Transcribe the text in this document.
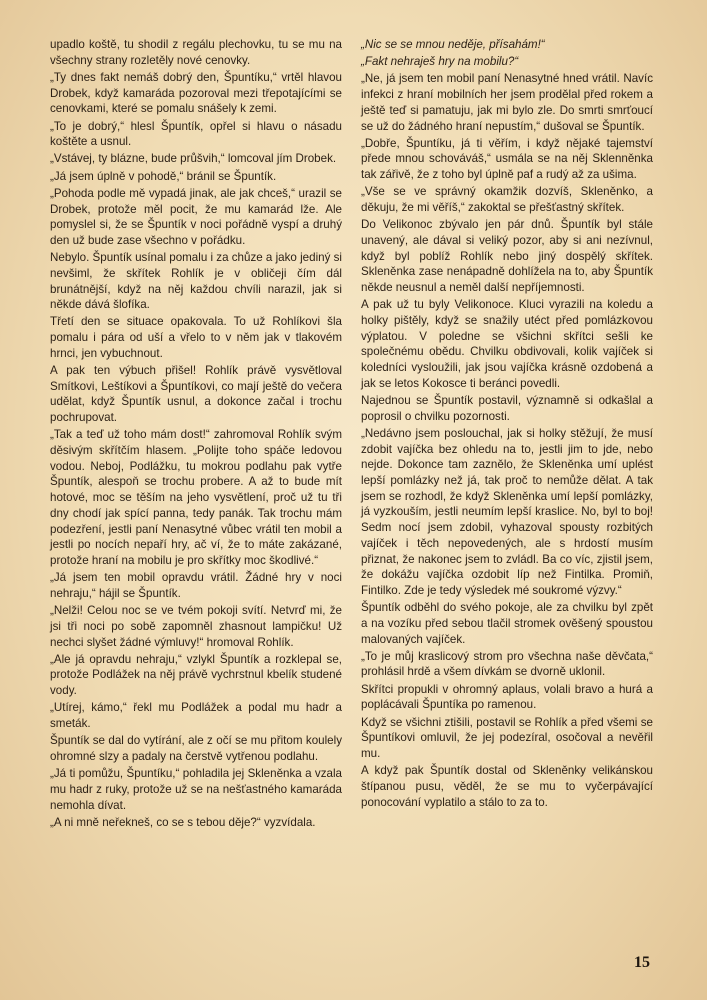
upadlo koště, tu shodil z regálu plechovku, tu se mu na všechny strany rozletěly nové cenovky.

„Ty dnes fakt nemáš dobrý den, Špuntíku,“ vrtěl hlavou Drobek, když kamaráda pozoroval mezi třepotajícími se cenovkami, které se pomalu snášely k zemi.

„To je dobrý,“ hlesl Špuntík, opřel si hlavu o násadu koštěte a usnul.

„Vstávej, ty blázne, bude průšvih,“ lomcoval jím Drobek.

„Já jsem úplně v pohodě,“ bránil se Špuntík.

„Pohoda podle mě vypadá jinak, ale jak chceš,“ urazil se Drobek, protože měl pocit, že mu kamarád lže. Ale pomyslel si, že se Špuntík v noci pořádně vyspí a druhý den už bude zase všechno v pořádku.

Nebylo. Špuntík usínal pomalu i za chůze a jako jediný si nevšiml, že skřítek Rohlík je v obličeji čím dál brunátnější, když na něj každou chvíli narazil, jak si někde dává šlofíka.

Třetí den se situace opakovala. To už Rohlíkovi šla pomalu i pára od uší a vřelo to v něm jak v tlakovém hrnci, jen vybuchnout.

A pak ten výbuch přišel! Rohlík právě vysvětloval Smítkovi, Leštíkovi a Špuntíkovi, co mají ještě do večera udělat, když Špuntík usnul, a dokonce začal i trochu pochrupovat.

„Tak a teď už toho mám dost!“ zahromoval Rohlík svým děsivým skřítčím hlasem. „Polijte toho spáče ledovou vodou. Neboj, Podlážku, tu mokrou podlahu pak vytře Špuntík, alespoň se trochu probere. A až to bude mít hotové, moc se těším na jeho vysvětlení, proč už tu tři dny chodí jak spící panna, tedy panák. Tak trochu mám podezření, jestli paní Nenasytné vůbec vrátil ten mobil a jestli po nocích nepaří hry, ač ví, že to máte zakázané, protože hraní na mobilu je pro skřítky moc škodlivé.“

„Já jsem ten mobil opravdu vrátil. Žádné hry v noci nehraju,“ hájil se Špuntík.

„Nelži! Celou noc se ve tvém pokoji svítí. Netvrď mi, že jsi tři noci po sobě zapomněl zhasnout lampičku! Už nechci slyšet žádné výmluvy!“ hromoval Rohlík.

„Ale já opravdu nehraju,“ vzlykl Špuntík a rozklepal se, protože Podlážek na něj právě vychrstnul kbelík studené vody.

„Utírej, kámo,“ řekl mu Podlážek a podal mu hadr a smeták.

Špuntík se dal do vytírání, ale z očí se mu přitom koulely ohromné slzy a padaly na čerstvě vytřenou podlahu.

„Já ti pomůžu, Špuntíku,“ pohladila jej Skleněnka a vzala mu hadr z ruky, protože už se na nešťastného kamaráda nemohla dívat.

„A ni mně neřekneš, co se s tebou děje?“ vyzvídala.

„Nic se se mnou neděje, přísahám!“

„Fakt nehraješ hry na mobilu?“

„Ne, já jsem ten mobil paní Nenasytné hned vrátil. Navíc infekci z hraní mobilních her jsem prodělal před rokem a ještě teď si pamatuju, jak mi bylo zle. Do smrti smrťoucí se už do žádného hraní nepustím,“ dušoval se Špuntík.

„Dobře, Špuntíku, já ti věřím, i když nějaké tajemství přede mnou schováváš,“ usmála se na něj Sklenněnka tak zářivě, že z toho byl úplně paf a rudý až za ušima.

„Vše se ve správný okamžik dozvíš, Skleněnko, a děkuju, že mi věříš,“ zakoktal se přešťastný skřítek.

Do Velikonoc zbývalo jen pár dnů. Špuntík byl stále unavený, ale dával si veliký pozor, aby si ani nezívnul, když byl poblíž Rohlík nebo jiný dospělý skřítek. Skleněnka zase nenápadně dohlížela na to, aby Špuntík někde neusnul a neměl další nepříjemnosti.

A pak už tu byly Velikonoce. Kluci vyrazili na koledu a holky pištěly, když se snažily utéct před pomlázkovou výplatou. V poledne se všichni skřítci sešli ke společnému obědu. Chvilku obdivovali, kolik vajíček si koledníci vysloužili, jak jsou vajíčka krásně ozdobená a jak se letos Kokosce ti beránci povedli.

Najednou se Špuntík postavil, významně si odkašlal a poprosil o chvilku pozornosti.

„Nedávno jsem poslouchal, jak si holky stěžují, že musí zdobit vajíčka bez ohledu na to, jestli jim to jde, nebo nejde. Dokonce tam zaznělo, že Skleněnka umí uplést lepší pomlázky než já, tak proč to nemůže dělat. A tak jsem se rozhodl, že když Skleněnka umí lepší pomlázky, já vyzkouším, jestli neumím lepší kraslice. No, byl to boj! Sedm nocí jsem zdobil, vyhazoval spousty rozbitých vajíček i těch nepovedených, ale s hrdostí musím přiznat, že nakonec jsem to zvládl. Ba co víc, zjistil jsem, že dokážu vajíčka ozdobit líp než Fintilka. Promiň, Fintilko. Zde je tedy výsledek mé soukromé výzvy.“

Špuntík odběhl do svého pokoje, ale za chvilku byl zpět a na vozíku před sebou tlačil stromek ověšený spoustou malovaných vajíček.

„To je můj kraslicový strom pro všechna naše děvčata,“ prohlásil hrdě a všem dívkám se dvorně uklonil.

Skřítci propukli v ohromný aplaus, volali bravo a hurá a poplácávali Špuntíka po ramenou.

Když se všichni ztišili, postavil se Rohlík a před všemi se Špuntíkovi omluvil, že jej podezíral, osočoval a nevěřil mu.

A když pak Špuntík dostal od Skleněnky velikánskou štípanou pusu, věděl, že se mu to vyčerpávající ponocování vyplatilo a stálo to za to.

15
